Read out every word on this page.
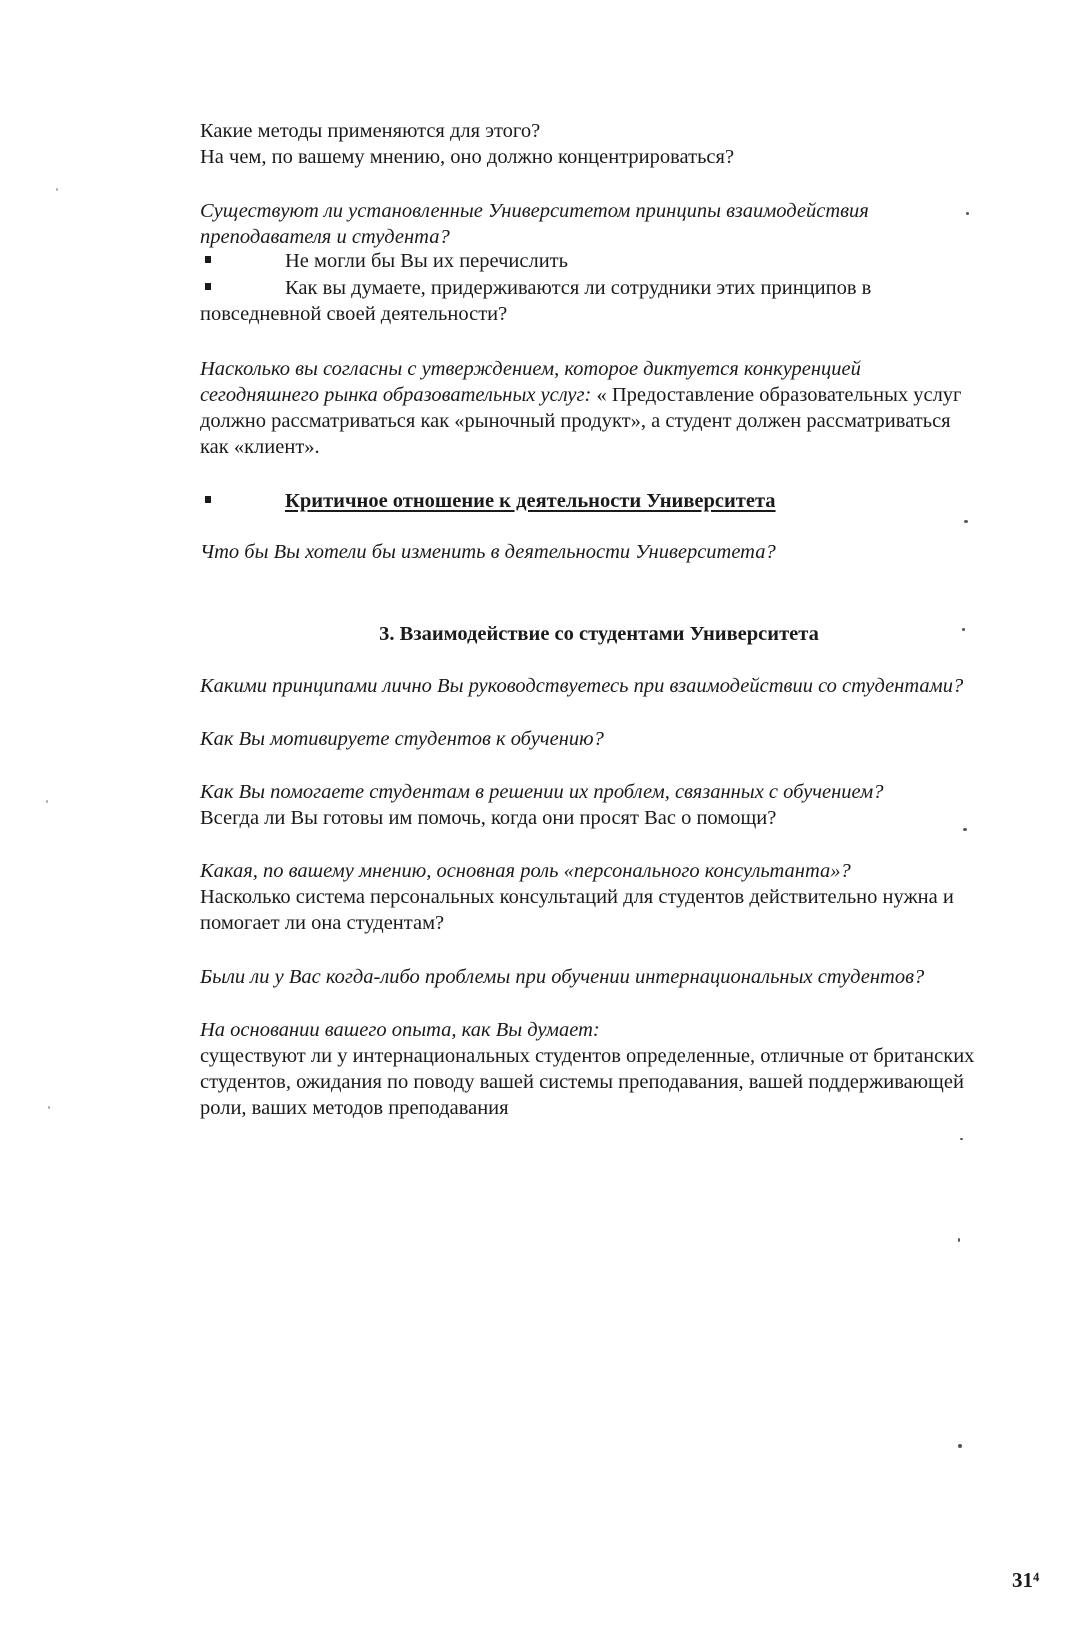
Какие методы применяются для этого?
На чем, по вашему мнению, оно должно концентрироваться?
Существуют ли установленные Университетом принципы взаимодействия
преподавателя и студента?

Не могли бы Вы их перечислить

Как вы думаете, придерживаются ли сотрудники этих принципов в

повседневной своей деятельности?
Насколько вы согласны с утверждением, которое диктуется конкуренцией
сегодняшнего рынка образовательных услуг: « Предоставление образовательных услуг
должно рассматриваться как «рыночный продукт», а студент должен рассматриваться
как «клиент».

Критичное отношение к деятельности Университета

Что бы Вы хотели бы изменить в деятельности Университета?

3. Взаимодействие со студентами Университета

Какими принципами лично Вы руководствуетесь при взаимодействии со студентами?
Как Вы мотивируете студентов к обучению?
Как Вы помогаете студентам в решении их проблем, связанных с обучением?
Всегда ли Вы готовы им помочь, когда они просят Вас о помощи?
Какая, по вашему мнению, основная роль «персонального консультанта»?
Насколько система персональных консультаций для студентов действительно нужна и
помогает ли она студентам?
Были ли у Вас когда-либо проблемы при обучении интернациональных студентов?
На основании вашего опыта, как Вы думает:
существуют ли у интернациональных студентов определенные, отличные от британских
студентов, ожидания по поводу вашей системы преподавания, вашей поддерживающей
роли, ваших методов преподавания

31⁴
